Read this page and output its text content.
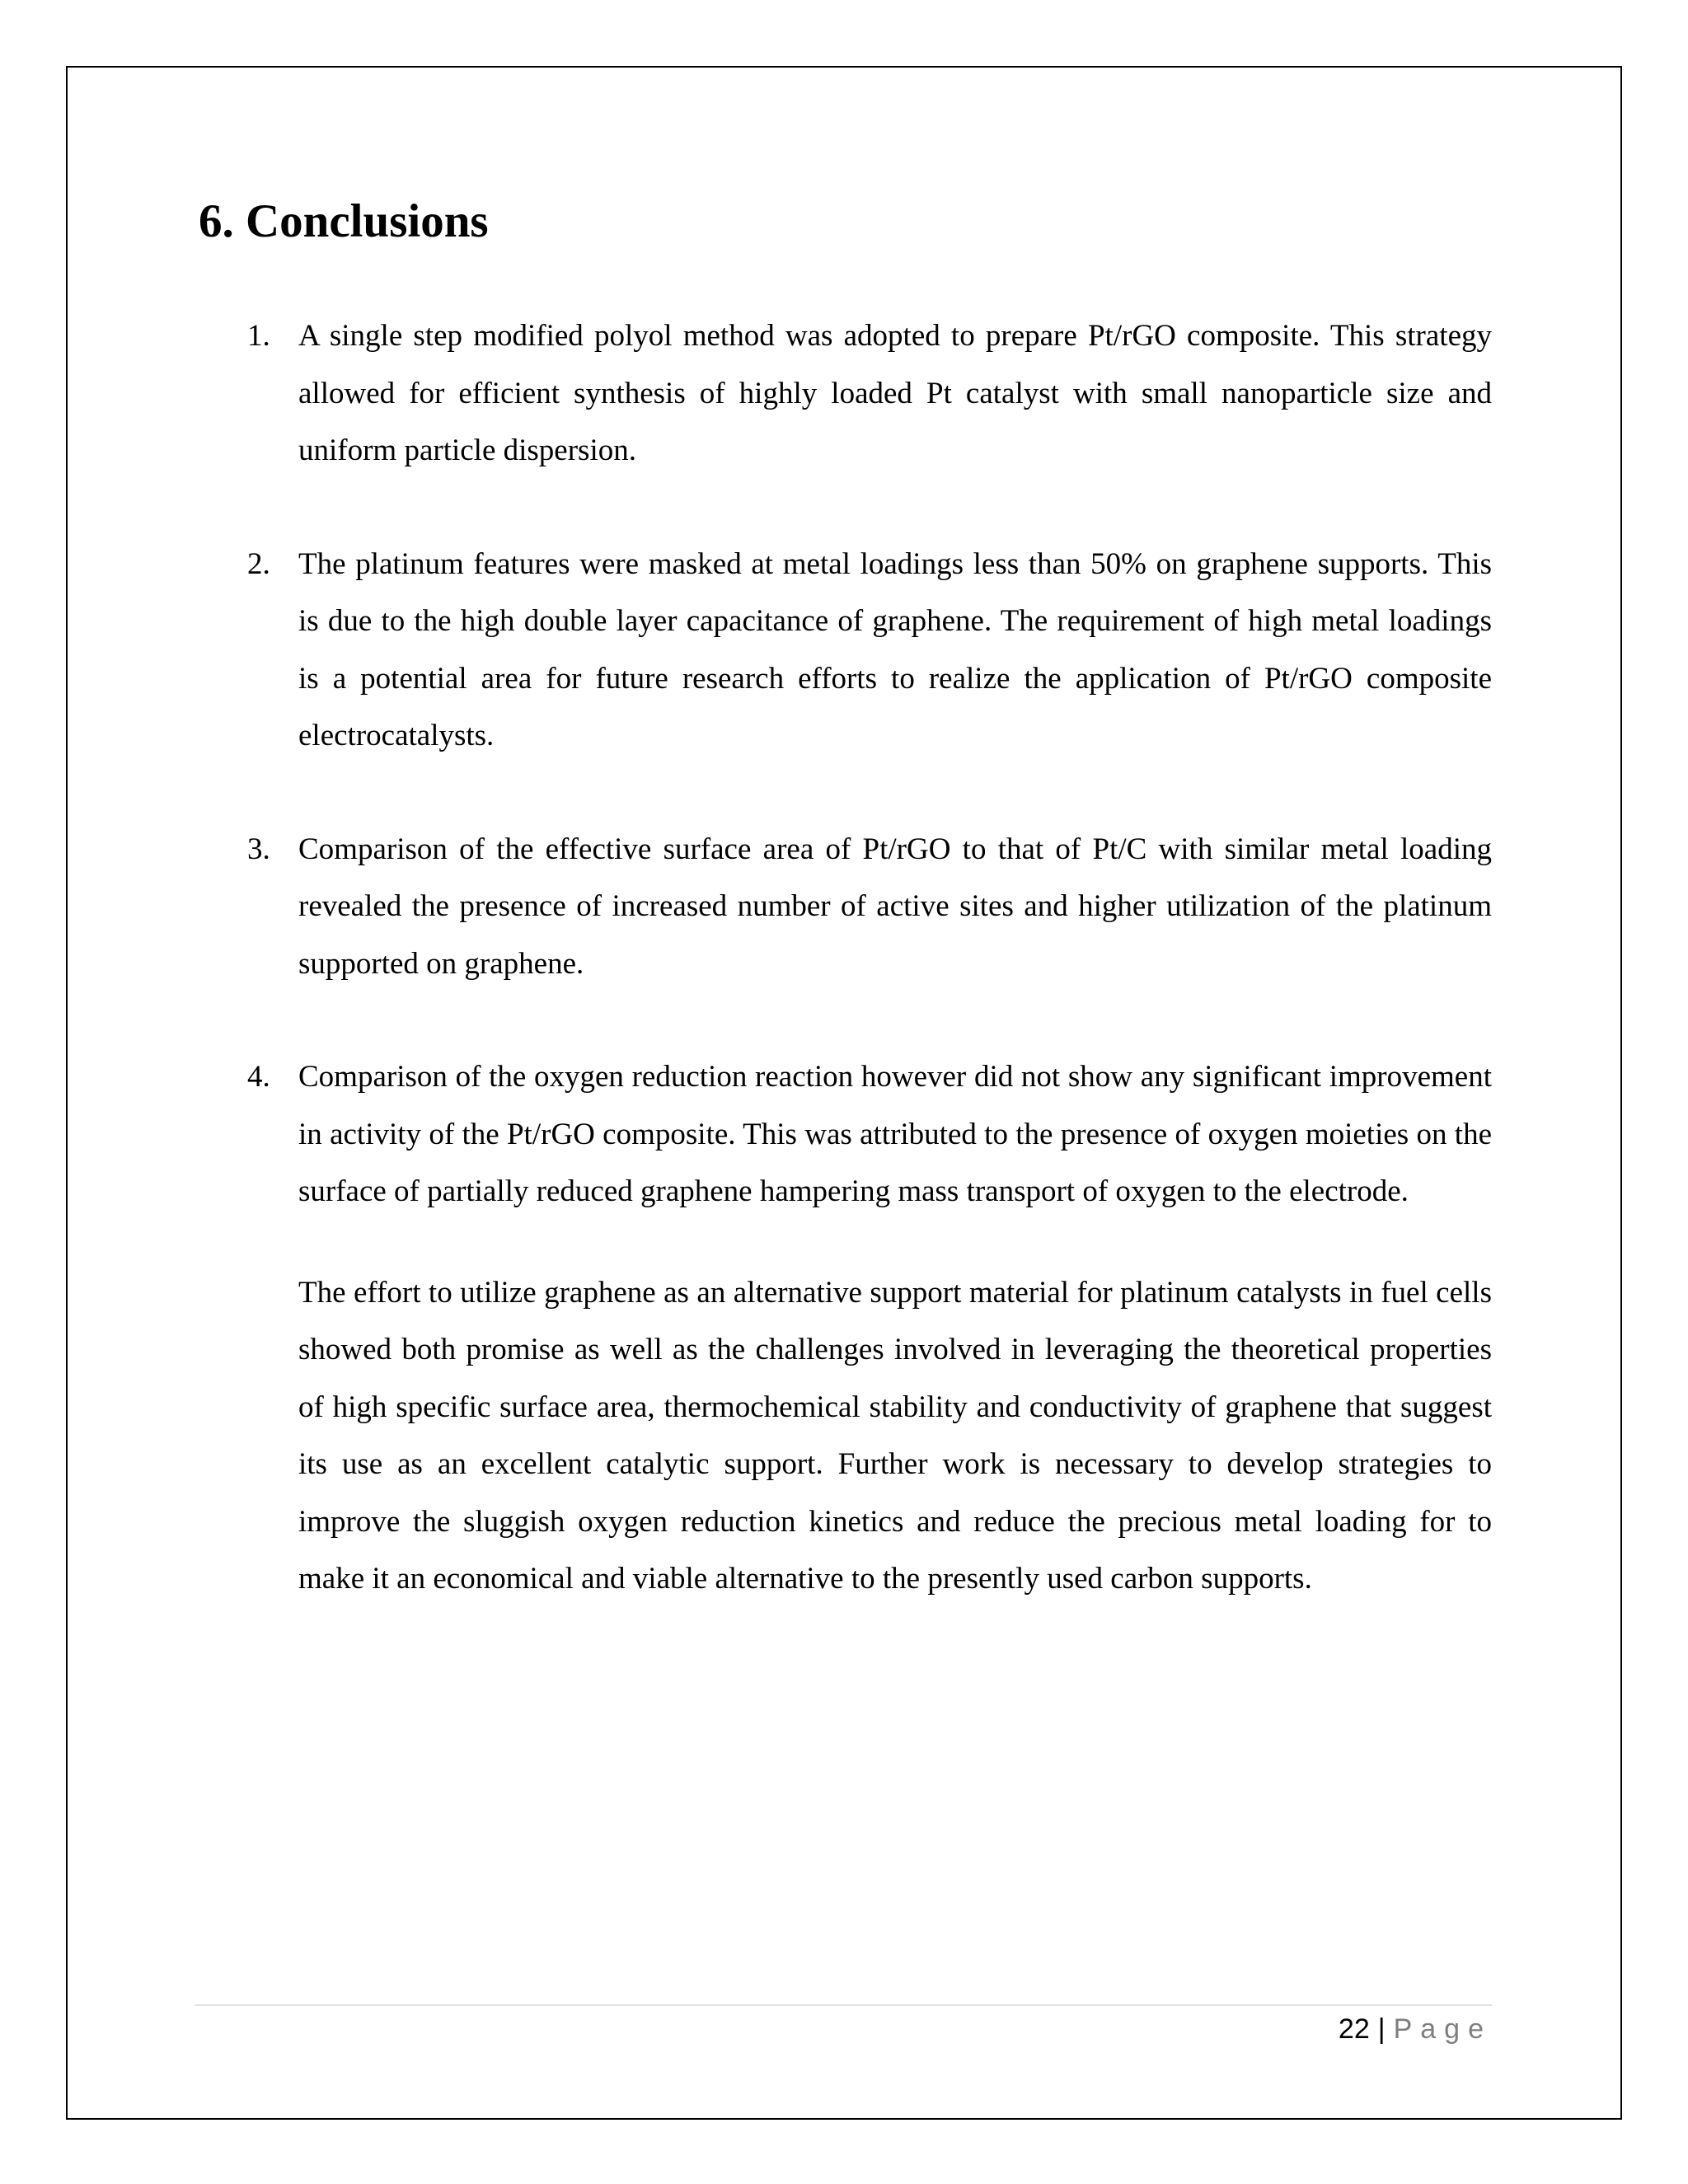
6. Conclusions
1. A single step modified polyol method was adopted to prepare Pt/rGO composite. This strategy allowed for efficient synthesis of highly loaded Pt catalyst with small nanoparticle size and uniform particle dispersion.
2. The platinum features were masked at metal loadings less than 50% on graphene supports. This is due to the high double layer capacitance of graphene. The requirement of high metal loadings is a potential area for future research efforts to realize the application of Pt/rGO composite electrocatalysts.
3. Comparison of the effective surface area of Pt/rGO to that of Pt/C with similar metal loading revealed the presence of increased number of active sites and higher utilization of the platinum supported on graphene.
4. Comparison of the oxygen reduction reaction however did not show any significant improvement in activity of the Pt/rGO composite. This was attributed to the presence of oxygen moieties on the surface of partially reduced graphene hampering mass transport of oxygen to the electrode.

The effort to utilize graphene as an alternative support material for platinum catalysts in fuel cells showed both promise as well as the challenges involved in leveraging the theoretical properties of high specific surface area, thermochemical stability and conductivity of graphene that suggest its use as an excellent catalytic support. Further work is necessary to develop strategies to improve the sluggish oxygen reduction kinetics and reduce the precious metal loading for to make it an economical and viable alternative to the presently used carbon supports.

22 | Page
